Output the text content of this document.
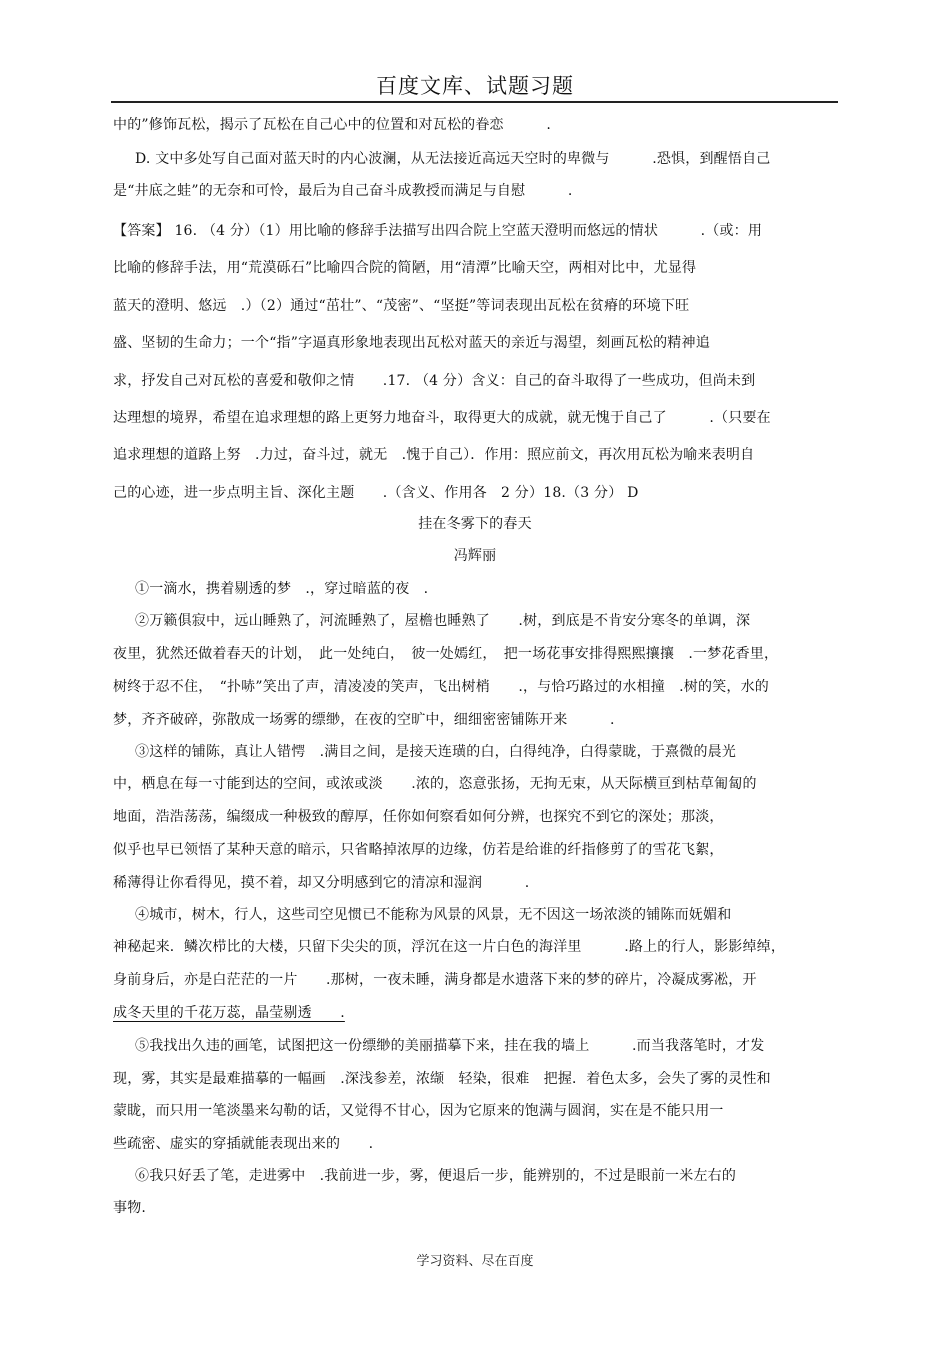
百度文库、试题习题
中的”修饰瓦松，揭示了瓦松在自己心中的位置和对瓦松的眷恋　　　.
D. 文中多处写自己面对蓝天时的内心波澜，从无法接近高远天空时的卑微与　　　.恐惧，到醒悟自己
是“井底之蛙”的无奈和可怜，最后为自己奋斗成教授而满足与自慰　　　.
【答案】 16. （4 分）（1）用比喻的修辞手法描写出四合院上空蓝天澄明而悠远的情状　　　.（或：用
比喻的修辞手法，用“荒漠砾石”比喻四合院的简陋，用“清潭”比喻天空，两相对比中，尤显得
蓝天的澄明、悠远　.）（2）通过“茁壮”、“茂密”、“坚挺”等词表现出瓦松在贫瘠的环境下旺
盛、坚韧的生命力；一个“指”字逼真形象地表现出瓦松对蓝天的亲近与渴望，刻画瓦松的精神追
求，抒发自己对瓦松的喜爱和敬仰之情　　.17. （4 分）含义：自己的奋斗取得了一些成功，但尚未到
达理想的境界，希望在追求理想的路上更努力地奋斗，取得更大的成就，就无愧于自己了　　　.（只要在
追求理想的道路上努　.力过，奋斗过，就无　.愧于自己）．作用：照应前文，再次用瓦松为喻来表明自
己的心迹，进一步点明主旨、深化主题　　.（含义、作用各　2 分）18.（3 分） D
挂在冬雾下的春天
冯辉丽
①一滴水，携着剔透的梦　.，穿过暗蓝的夜　.
②万籁俱寂中，远山睡熟了，河流睡熟了，屋檐也睡熟了　　.树，到底是不肯安分寒冬的单调，深
夜里，犹然还做着春天的计划，　此一处纯白，　彼一处嫣红，　把一场花事安排得熙熙攘攘　.一梦花香里，
树终于忍不住，　“扑哧”笑出了声，清凌凌的笑声，飞出树梢　　.，与恰巧路过的水相撞　.树的笑，水的
梦，齐齐破碎，弥散成一场雾的缥缈，在夜的空旷中，细细密密铺陈开来　　　.
③这样的铺陈，真让人错愕　.满目之间，是接天连璜的白，白得纯净，白得蒙眬，于熹微的晨光
中，栖息在每一寸能到达的空间，或浓或淡　　.浓的，恣意张扬，无拘无束，从天际横亘到枯草匍匐的
地面，浩浩荡荡，编缀成一种极致的醇厚，任你如何察看如何分辨，也探究不到它的深处；那淡，
似乎也早已领悟了某种天意的暗示，只省略掉浓厚的边缘，仿若是给谁的纤指修剪了的雪花飞絮，
稀薄得让你看得见，摸不着，却又分明感到它的清凉和湿润　　　.
④城市，树木，行人，这些司空见惯已不能称为风景的风景，无不因这一场浓淡的铺陈而妩媚和
神秘起来．鳞次栉比的大楼，只留下尖尖的顶，浮沉在这一片白色的海洋里　　　.路上的行人，影影绰绰，
身前身后，亦是白茫茫的一片　　.那树，一夜未睡，满身都是水遗落下来的梦的碎片，冷凝成雾凇，开
成冬天里的千花万蕊，晶莹剔透　　.
⑤我找出久违的画笔，试图把这一份缥缈的美丽描摹下来，挂在我的墙上　　　.而当我落笔时，才发
现，雾，其实是最难描摹的一幅画　.深浅参差，浓缬　轻染，很难　把握．着色太多，会失了雾的灵性和
蒙眬，而只用一笔淡墨来勾勒的话，又觉得不甘心，因为它原来的饱满与圆润，实在是不能只用一
些疏密、虚实的穿插就能表现出来的　　.
⑥我只好丢了笔，走进雾中　.我前进一步，雾，便退后一步，能辨别的，不过是眼前一米左右的
事物.
学习资料、尽在百度
